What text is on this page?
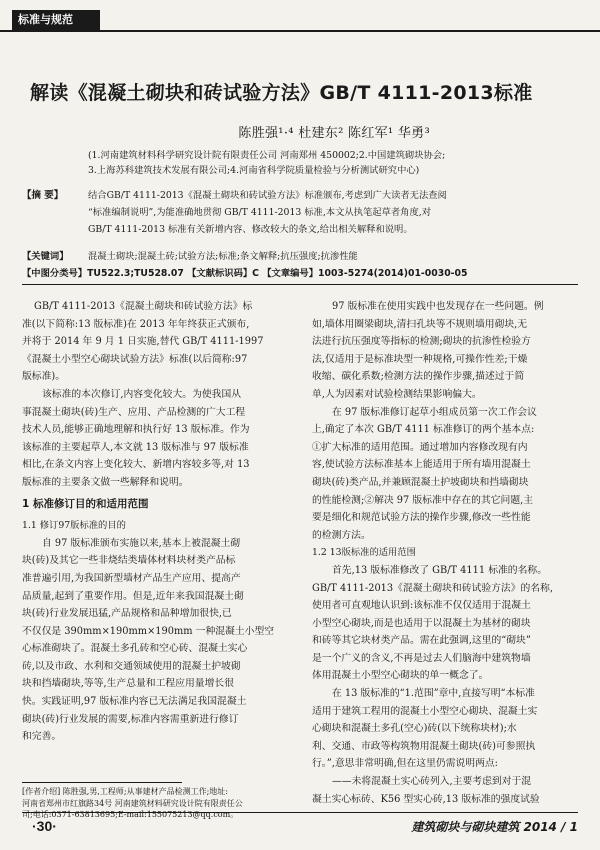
标准与规范
解读《混凝土砌块和砖试验方法》GB/T 4111-2013标准
陈胜强¹·⁴ 杜建东² 陈红军¹ 华勇³
(1.河南建筑材料科学研究设计院有限责任公司 河南郑州 450002;2.中国建筑砌块协会;
3.上海苏科建筑技术发展有限公司;4.河南省科学院质量检验与分析测试研究中心)
【摘 要】	结合GB/T 4111-2013《混凝土砌块和砖试验方法》标准颁布,考虑到广大读者无法查阅
“标准编制说明”,为能准确地贯彻 GB/T 4111-2013 标准,本文从执笔起草者角度,对
GB/T 4111-2013 标准有关新增内容、修改较大的条文,给出相关解释和说明。
【关键词】 混凝土砌块;混凝土砖;试验方法;标准;条文解释;抗压强度;抗渗性能
【中图分类号】TU522.3;TU528.07 【文献标识码】C 【文章编号】1003-5274(2014)01-0030-05
GB/T 4111-2013《混凝土砌块和砖试验方法》标
准(以下简称:13 版标准)在 2013 年年终获正式颁布,
并将于 2014 年 9 月 1 日实施,替代 GB/T 4111-1997
《混凝土小型空心砌块试验方法》标准(以后简称:97
版标准)。
该标准的本次修订,内容变化较大。为使我国从
事混凝土砌块(砖)生产、应用、产品检测的广大工程
技术人员,能够正确地理解和执行好 13 版标准。作为
该标准的主要起草人,本文就 13 版标准与 97 版标准
相比,在条文内容上变化较大、新增内容较多等,对 13
版标准的主要条文做一些解释和说明。
1 标准修订目的和适用范围
1.1 修订97版标准的目的
自 97 版标准颁布实施以来,基本上被混凝土砌
块(砖)及其它一些非烧结类墙体材料块材类产品标
准普遍引用,为我国新型墙材产品生产应用、提高产
品质量,起到了重要作用。但是,近年来我国混凝土砌
块(砖)行业发展迅猛,产品规格和品种增加很快,已
不仅仅是 390mm×190mm×190mm 一种混凝土小型空
心标准砌块了。混凝土多孔砖和空心砖、混凝土实心
砖,以及市政、水利和交通领域使用的混凝土护坡砌
块和挡墙砌块,等等,生产总量和工程应用量增长很
快。实践证明,97 版标准内容已无法满足我国混凝土
砌块(砖)行业发展的需要,标准内容需重新进行修订
和完善。
97 版标准在使用实践中也发现存在一些问题。例
如,墙体用圈梁砌块,清扫孔块等不规则墙用砌块,无
法进行抗压强度等指标的检测;砌块的抗渗性检验方
法,仅适用于是标准块型一种规格,可操作性差;干燥
收缩、碳化系数;检测方法的操作步骤,描述过于简
单,人为因素对试验检测结果影响偏大。
在 97 版标准修订起草小组成员第一次工作会议
上,确定了本次 GB/T 4111 标准修订的两个基本点:
①扩大标准的适用范围。通过增加内容修改现有内
容,使试验方法标准基本上能适用于所有墙用混凝土
砌块(砖)类产品,并兼顾混凝土护坡砌块和挡墙砌块
的性能检测;②解决 97 版标准中存在的其它问题,主
要是细化和规范试验方法的操作步骤,修改一些性能
的检测方法。
1.2 13版标准的适用范围
首先,13 版标准修改了 GB/T 4111 标准的名称。
GB/T 4111-2013《混凝土砌块和砖试验方法》的名称,
使用者可直观地认识到:该标准不仅仅适用于混凝土
小型空心砌块,而是也适用于以混凝土为基材的砌块
和砖等其它块材类产品。需在此强调,这里的“砌块”
是一个广义的含义,不再是过去人们脑海中建筑物墙
体用混凝土小型空心砌块的单一概念了。
在 13 版标准的“1.范围”章中,直接写明“本标准
适用于建筑工程用的混凝土小型空心砌块、混凝土实
心砌块和混凝土多孔(空心)砖(以下统称块材);水
利、交通、市政等构筑物用混凝土砌块(砖)可参照执
行。”,意思非常明确,但在这里仍需说明两点:
——未将混凝土实心砖列入,主要考虑到对于混
凝土实心标砖、K56 型实心砖,13 版标准的强度试验
[作者介绍] 陈胜强,男,工程师;从事建材产品检测工作;地址:
河南省郑州市红旗路34号 河南建筑材料研究设计院有限责任公
司;电话:0371-63813695;E-mail:155075213@qq.com。
·30·	建筑砌块与砌块建筑 2014 / 1
